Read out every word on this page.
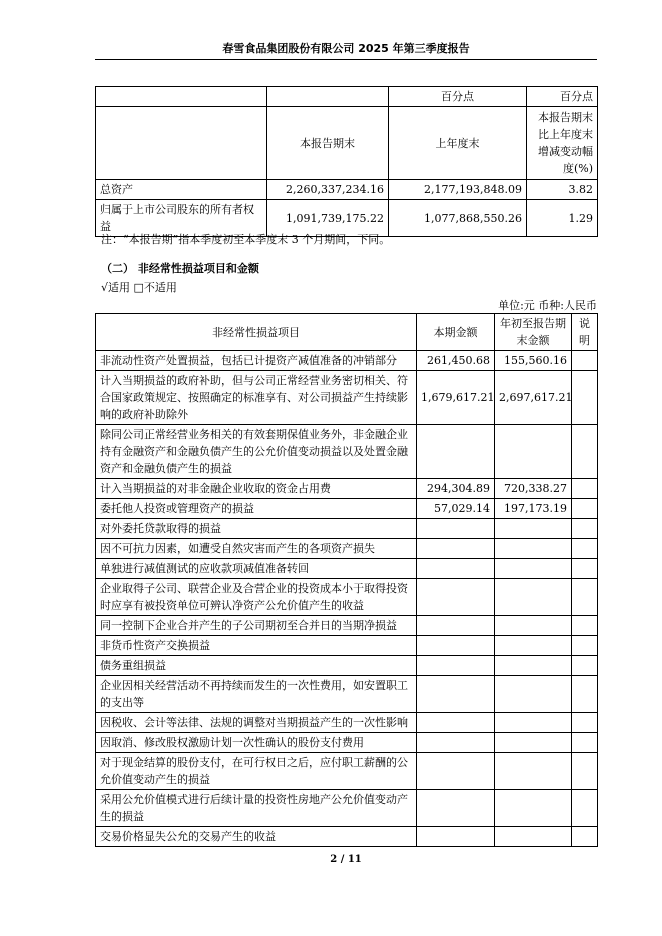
春雪食品集团股份有限公司 2025 年第三季度报告
		百分点	百分点
	本报告期末	上年度末	本报告期末比上年度末增减变动幅度(%)
总资产	2,260,337,234.16	2,177,193,848.09	3.82
归属于上市公司股东的所有者权益	1,091,739,175.22	1,077,868,550.26	1.29
注：“本报告期”指本季度初至本季度末 3 个月期间，下同。
（二） 非经常性损益项目和金额
√适用 □不适用
单位:元 币种:人民币
非经常性损益项目	本期金额	年初至报告期末金额	说明
非流动性资产处置损益，包括已计提资产减值准备的冲销部分	261,450.68	155,560.16	
计入当期损益的政府补助，但与公司正常经营业务密切相关、符合国家政策规定、按照确定的标准享有、对公司损益产生持续影响的政府补助除外	1,679,617.21	2,697,617.21	
除同公司正常经营业务相关的有效套期保值业务外，非金融企业持有金融资产和金融负债产生的公允价值变动损益以及处置金融资产和金融负债产生的损益			
计入当期损益的对非金融企业收取的资金占用费	294,304.89	720,338.27	
委托他人投资或管理资产的损益	57,029.14	197,173.19	
对外委托贷款取得的损益			
因不可抗力因素，如遭受自然灾害而产生的各项资产损失			
单独进行减值测试的应收款项减值准备转回			
企业取得子公司、联营企业及合营企业的投资成本小于取得投资时应享有被投资单位可辨认净资产公允价值产生的收益			
同一控制下企业合并产生的子公司期初至合并日的当期净损益			
非货币性资产交换损益			
债务重组损益			
企业因相关经营活动不再持续而发生的一次性费用，如安置职工的支出等			
因税收、会计等法律、法规的调整对当期损益产生的一次性影响			
因取消、修改股权激励计划一次性确认的股份支付费用			
对于现金结算的股份支付，在可行权日之后，应付职工薪酬的公允价值变动产生的损益			
采用公允价值模式进行后续计量的投资性房地产公允价值变动产生的损益			
交易价格显失公允的交易产生的收益			
2 / 11
